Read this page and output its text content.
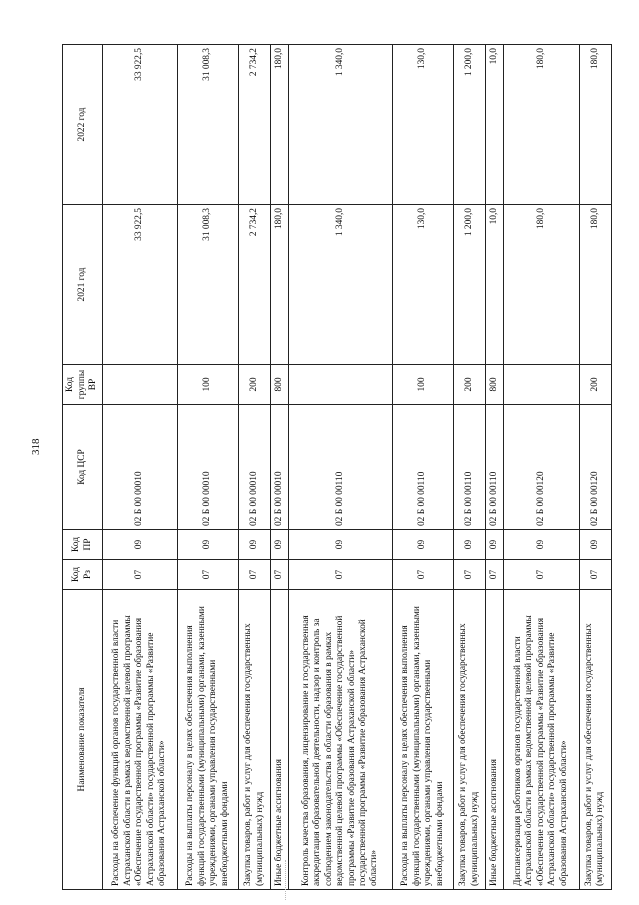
318
Наименование показателя	Код Рз	Код ПР	Код ЦСР	Код группы ВР	2021 год	2022 год
Расходы на обеспечение функций органов государственной власти Астраханской области в рамках ведомственной целевой программы «Обеспечение государственной программы «Развитие образования Астраханской области» государственной программы «Развитие образования Астраханской области»	07	09	02 Б 00 00010		33 922,5	33 922,5
Расходы на выплаты персоналу в целях обеспечения выполнения функций государственными (муниципальными) органами, казенными учреждениями, органами управления государственными внебюджетными фондами	07	09	02 Б 00 00010	100	31 008,3	31 008,3
Закупка товаров, работ и услуг для обеспечения государственных (муниципальных) нужд	07	09	02 Б 00 00010	200	2 734,2	2 734,2
Иные бюджетные ассигнования	07	09	02 Б 00 00010	800	180,0	180,0
Контроль качества образования, лицензирование и государственная аккредитация образовательной деятельности, надзор и контроль за соблюдением законодательства в области образования в рамках ведомственной целевой программы «Обеспечение государственной программы «Развитие образования Астраханской области» государственной программы «Развитие образования Астраханской области»	07	09	02 Б 00 00110		1 340,0	1 340,0
Расходы на выплаты персоналу в целях обеспечения выполнения функций государственными (муниципальными) органами, казенными учреждениями, органами управления государственными внебюджетными фондами	07	09	02 Б 00 00110	100	130,0	130,0
Закупка товаров, работ и услуг для обеспечения государственных (муниципальных) нужд	07	09	02 Б 00 00110	200	1 200,0	1 200,0
Иные бюджетные ассигнования	07	09	02 Б 00 00110	800	10,0	10,0
Диспансеризация работников органов государственной власти Астраханской области в рамках ведомственной целевой программы «Обеспечение государственной программы «Развитие образования Астраханской области» государственной программы «Развитие образования Астраханской области»	07	09	02 Б 00 00120		180,0	180,0
Закупка товаров, работ и услуг для обеспечения государственных (муниципальных) нужд	07	09	02 Б 00 00120	200	180,0	180,0
